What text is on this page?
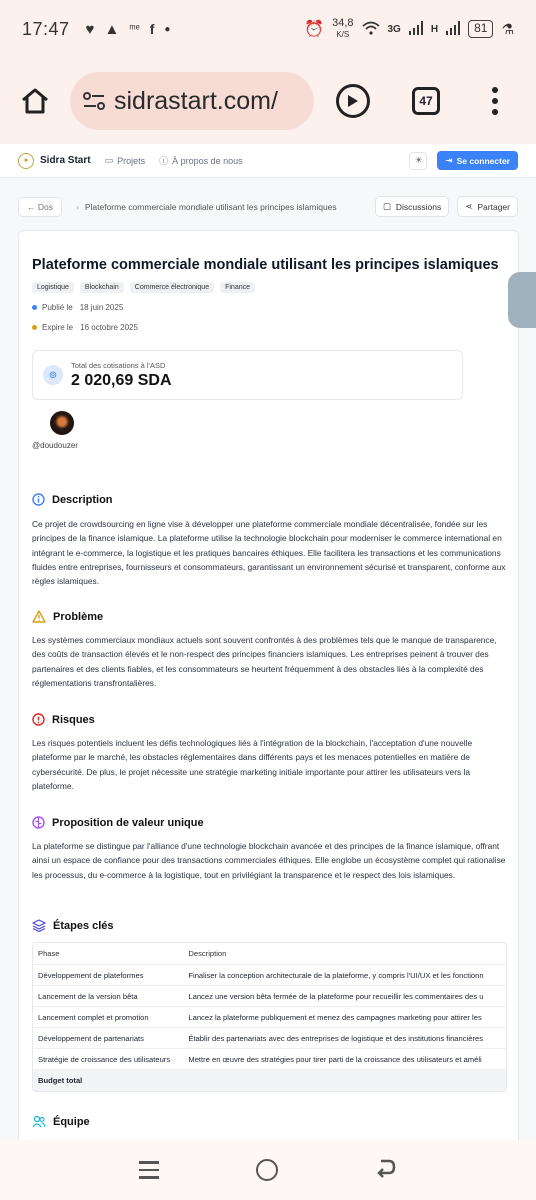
17:47 ♥ ▲ ᵐᵉ f ●	⏰ 34,8
K/S	3G	H	81	⚗
sidrastart.com/	47
✦	Sidra Start ▭ Projets ⓘ À propos de nous	☀	⇥ Se connecter
← Dos	› Plateforme commerciale mondiale utilisant les principes islamiques	▢ Discussions	⋖ Partager
Plateforme commerciale mondiale utilisant les principes islamiques
Logistique	Blockchain	Commerce électronique	Finance
Publié le 18 juin 2025
Expire le 16 octobre 2025
⊚
Total des cotisations à l'ASD
2 020,69 SDA
@doudouzer
Description
Ce projet de crowdsourcing en ligne vise à développer une plateforme commerciale mondiale décentralisée, fondée sur les principes de la finance islamique. La plateforme utilise la technologie blockchain pour moderniser le commerce international en intégrant le e-commerce, la logistique et les pratiques bancaires éthiques. Elle facilitera les transactions et les communications fluides entre entreprises, fournisseurs et consommateurs, garantissant un environnement sécurisé et transparent, conforme aux règles islamiques.
Problème
Les systèmes commerciaux mondiaux actuels sont souvent confrontés à des problèmes tels que le manque de transparence, des coûts de transaction élevés et le non-respect des principes financiers islamiques. Les entreprises peinent à trouver des partenaires et des clients fiables, et les consommateurs se heurtent fréquemment à des obstacles liés à la complexité des réglementations transfrontalières.
Risques
Les risques potentiels incluent les défis technologiques liés à l'intégration de la blockchain, l'acceptation d'une nouvelle plateforme par le marché, les obstacles réglementaires dans différents pays et les menaces potentielles en matière de cybersécurité. De plus, le projet nécessite une stratégie marketing initiale importante pour attirer les utilisateurs vers la plateforme.
Proposition de valeur unique
La plateforme se distingue par l'alliance d'une technologie blockchain avancée et des principes de la finance islamique, offrant ainsi un espace de confiance pour des transactions commerciales éthiques. Elle englobe un écosystème complet qui rationalise les processus, du e-commerce à la logistique, tout en privilégiant la transparence et le respect des lois islamiques.
Étapes clés
Phase	Description
Développement de plateformes	Finaliser la conception architecturale de la plateforme, y compris l'UI/UX et les fonctionn
Lancement de la version bêta	Lancez une version bêta fermée de la plateforme pour recueillir les commentaires des u
Lancement complet et promotion	Lancez la plateforme publiquement et menez des campagnes marketing pour attirer les
Développement de partenariats	Établir des partenariats avec des entreprises de logistique et des institutions financières
Stratégie de croissance des utilisateurs	Mettre en œuvre des stratégies pour tirer parti de la croissance des utilisateurs et améli
Budget total
Équipe
